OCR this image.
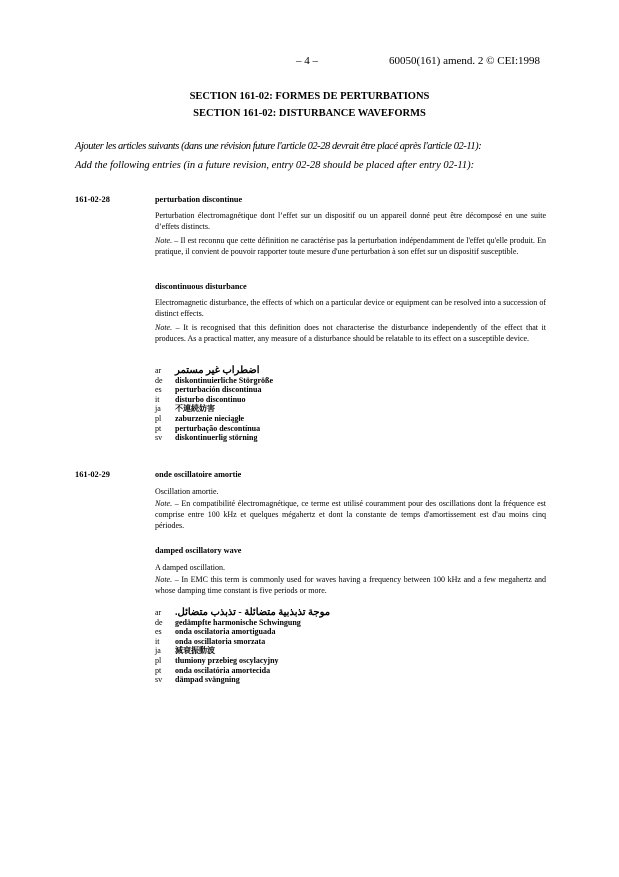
– 4 –	60050(161) amend. 2 © CEI:1998
SECTION 161-02: FORMES DE PERTURBATIONS
SECTION 161-02: DISTURBANCE WAVEFORMS
Ajouter les articles suivants (dans une révision future l'article 02-28 devrait être placé après l'article 02-11):
Add the following entries (in a future revision, entry 02-28 should be placed after entry 02-11):
161-02-28	perturbation discontinue
Perturbation électromagnétique dont l’effet sur un dispositif ou un appareil donné peut être décomposé en une suite d’effets distincts.
Note. – Il est reconnu que cette définition ne caractérise pas la perturbation indépendamment de l'effet qu'elle produit. En pratique, il convient de pouvoir rapporter toute mesure d'une perturbation à son effet sur un dispositif susceptible.
discontinuous disturbance
Electromagnetic disturbance, the effects of which on a particular device or equipment can be resolved into a succession of distinct effects.
Note. – It is recognised that this definition does not characterise the disturbance independently of the effect that it produces. As a practical matter, any measure of a disturbance should be relatable to its effect on a susceptible device.
ar	اضطراب غير مستمر
de	diskontinuierliche Störgröße
es	perturbación discontinua
it	disturbo discontinuo
ja	不連続妨害
pl	zaburzenie nieciągłe
pt	perturbação descontínua
sv	diskontinuerlig störning
161-02-29	onde oscillatoire amortie
Oscillation amortie.
Note. – En compatibilité électromagnétique, ce terme est utilisé couramment pour des oscillations dont la fréquence est comprise entre 100 kHz et quelques mégahertz et dont la constante de temps d'amortissement est d'au moins cinq périodes.
damped oscillatory wave
A damped oscillation.
Note. – In EMC this term is commonly used for waves having a frequency between 100 kHz and a few megahertz and whose damping time constant is five periods or more.
ar	موجة تذبذبية متضائلة - تذبذب متضائل.
de	gedämpfte harmonische Schwingung
es	onda oscilatoria amortiguada
it	onda oscillatoria smorzata
ja	減衰振動波
pl	tłumiony przebieg oscylacyjny
pt	onda oscilatória amortecida
sv	dämpad svängning
